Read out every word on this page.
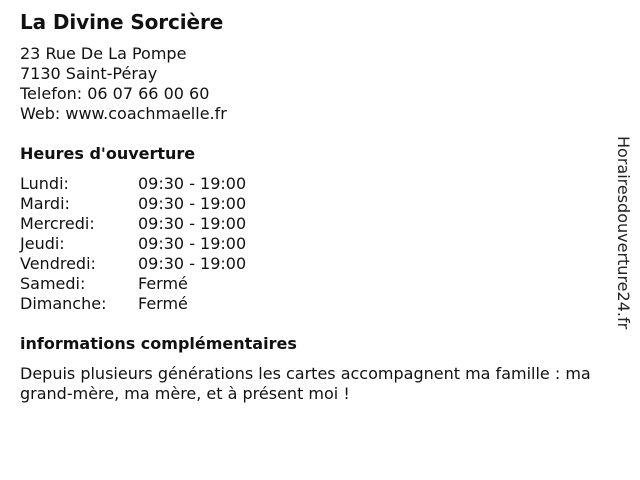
La Divine Sorcière
23 Rue De La Pompe
7130 Saint-Péray
Telefon: 06 07 66 00 60
Web: www.coachmaelle.fr
Heures d'ouverture
Lundi:	09:30 - 19:00
Mardi:	09:30 - 19:00
Mercredi:	09:30 - 19:00
Jeudi:	09:30 - 19:00
Vendredi:	09:30 - 19:00
Samedi:	Fermé
Dimanche:	Fermé
informations complémentaires

Depuis plusieurs générations les cartes accompagnent ma famille : ma grand-mère, ma mère, et à présent moi !

Horairesdouverture24.fr
